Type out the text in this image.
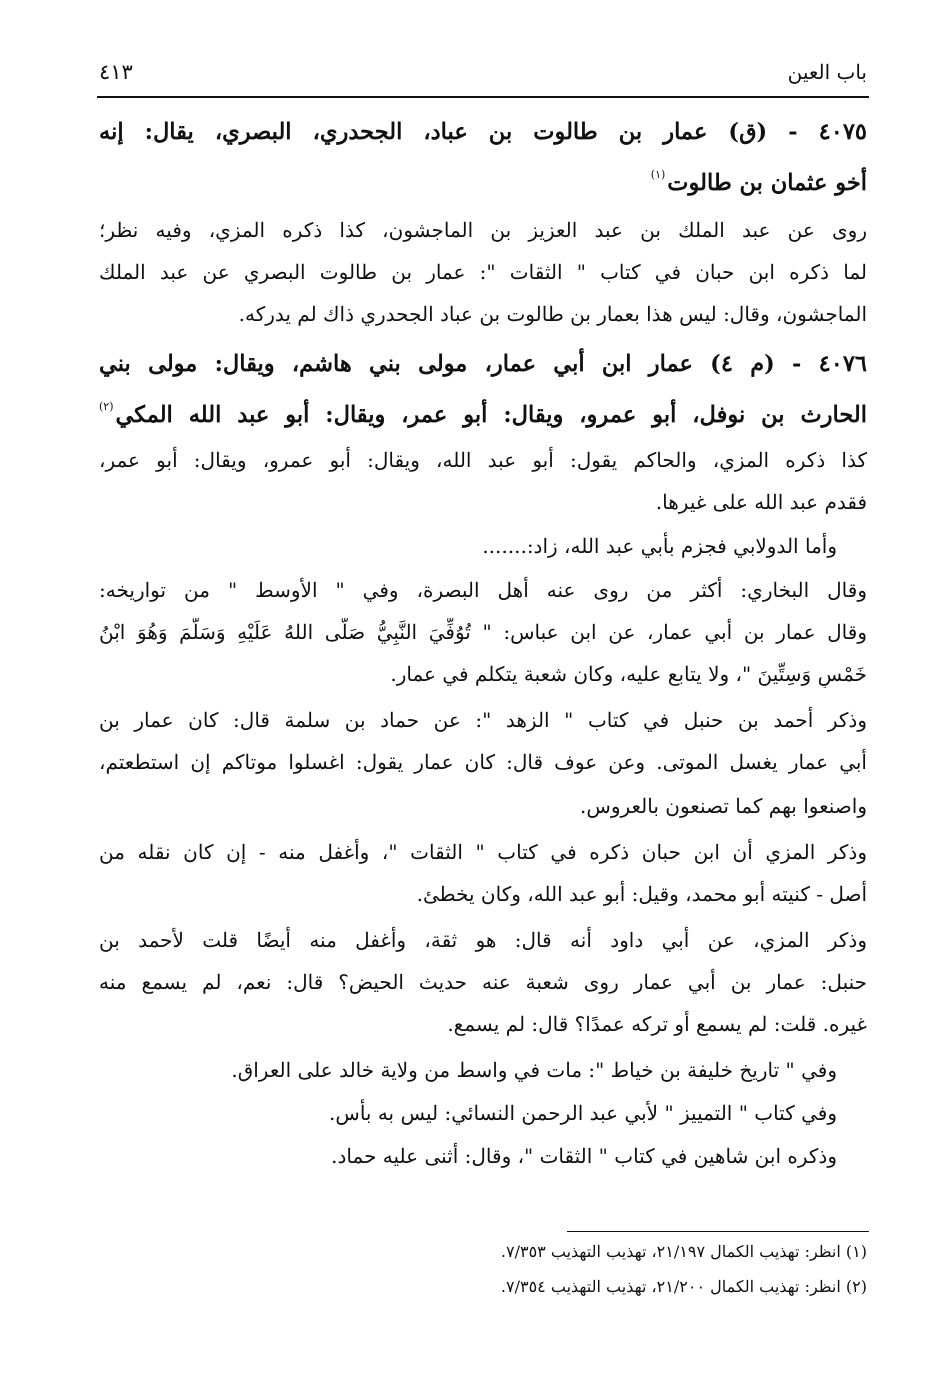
باب العين
٤١٣
٤٠٧٥ - (ق) عمار بن طالوت بن عباد، الجحدري، البصري، يقال: إنه
أخو عثمان بن طالوت$^{(١)}$
روى عن عبد الملك بن عبد العزيز بن الماجشون، كذا ذكره المزي، وفيه نظر؛
لما ذكره ابن حبان في كتاب " الثقات ": عمار بن طالوت البصري عن عبد الملك
الماجشون، وقال: ليس هذا بعمار بن طالوت بن عباد الجحدري ذاك لم يدركه.
٤٠٧٦ - (م ٤) عمار ابن أبي عمار، مولى بني هاشم، ويقال: مولى بني
الحارث بن نوفل، أبو عمرو، ويقال: أبو عمر، ويقال: أبو عبد الله المكي$^{(٢)}$
كذا ذكره المزي، والحاكم يقول: أبو عبد الله، ويقال: أبو عمرو، ويقال: أبو عمر،
فقدم عبد الله على غيرها.
وأما الدولابي فجزم بأبي عبد الله، زاد:.......
وقال البخاري: أكثر من روى عنه أهل البصرة، وفي " الأوسط " من تواريخه:
وقال عمار بن أبي عمار، عن ابن عباس: " تُوُفِّيَ النَّبِيُّ صَلَّى اللهُ عَلَيْهِ وَسَلَّمَ وَهُوَ ابْنُ
خَمْسٍ وَسِتِّينَ "، ولا يتابع عليه، وكان شعبة يتكلم في عمار.
وذكر أحمد بن حنبل في كتاب " الزهد ": عن حماد بن سلمة قال: كان عمار بن
أبي عمار يغسل الموتى. وعن عوف قال: كان عمار يقول: اغسلوا موتاكم إن استطعتم،
واصنعوا بهم كما تصنعون بالعروس.
وذكر المزي أن ابن حبان ذكره في كتاب " الثقات "، وأغفل منه - إن كان نقله من
أصل - كنيته أبو محمد، وقيل: أبو عبد الله، وكان يخطئ.
وذكر المزي، عن أبي داود أنه قال: هو ثقة، وأغفل منه أيضًا قلت لأحمد بن
حنبل: عمار بن أبي عمار روى شعبة عنه حديث الحيض؟ قال: نعم، لم يسمع منه
غيره. قلت: لم يسمع أو تركه عمدًا؟ قال: لم يسمع.
وفي " تاريخ خليفة بن خياط ": مات في واسط من ولاية خالد على العراق.
وفي كتاب " التمييز " لأبي عبد الرحمن النسائي: ليس به بأس.
وذكره ابن شاهين في كتاب " الثقات "، وقال: أثنى عليه حماد.
(١) انظر: تهذيب الكمال ٢١/١٩٧، تهذيب التهذيب ٧/٣٥٣.
(٢) انظر: تهذيب الكمال ٢١/٢٠٠، تهذيب التهذيب ٧/٣٥٤.
